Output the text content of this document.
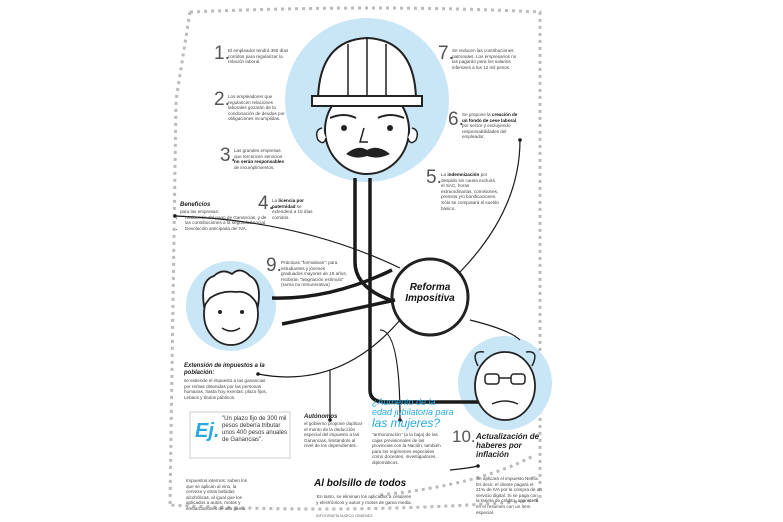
Reforma
Impositiva
1.
El empleador tendrá 360 días corridos para regularizar la relación laboral.
2.
Los empleadores que regularicen relaciones laborales gozarán de la condonación de deudas por obligaciones incumplidas.
3.
Las grandes empresas que tercericen servicios no serán responsables de incumplimientos.
4.
La licencia por paternidad se extenderá a 15 días corridos.
5. La indemnización por despido sin causa excluirá el SAC, horas extraordinarias, comisiones, premios y/o bonificaciones. Sólo se computará el sueldo básico.
6.
Se propone la creación de un fondo de cese laboral, por sector y excluyendo responsabilidades del empleador.
7.
Se reducen las contribuciones patronales. Los empresarios no las pagarán para los salarios inferiores a los 12 mil pesos.
9. Prácticas "formativas": para estudiantes y jóvenes graduados mayores de 18 años, recibirán "asignación estímulo" (suma no remunerativa)
10. Actualización de haberes por inflación
Beneficios
para las empresas:
• Reducción del pago de Ganancias, y de las contribuciones a la seguridad social.
• Devolución anticipada del IVA.
Extensión de impuestos a la población:
se extiende el impuesto a las ganancias por rentas obtenidas por las personas humanas, hasta hoy exentas: plazo fijos, Lebacs y títulos públicos.
Ej.
"Un plazo fijo de 300 mil pesos debería tributar unos 400 pesos anuales de Ganancias".
Autónomos
el gobierno propone duplicar el monto de la deducción especial del impuesto a las Ganancias, limitándolo al nivel de los dependientes.
¿Aumento de la
edad jubilatoria para
las mujeres?
"armonización" (a la baja) de las cajas previsionales de las provincias con la Nación, también para los regímenes especiales como docentes, investigadores, diplomáticos.
Impuestos internos: suben los que se aplican al vino, la cerveza y otras bebidas alcohólicas, al igual que los aplicados a autos, motos y embarcaciones de alta gama.
Al bolsillo de todos
En tanto, se eliminan los aplicados a celulares y electrónicos y autos y motos de gama media.
INFOGRAFÍA MARCO GIMÉNEZ
Se aplicará el impuesto Netflix. Es decir, el cliente pagará el 21% de IVA por la compra de un servicio digital. Si se paga con la tarjeta de crédito, aparecerá en el resumen con un ítem especial.
